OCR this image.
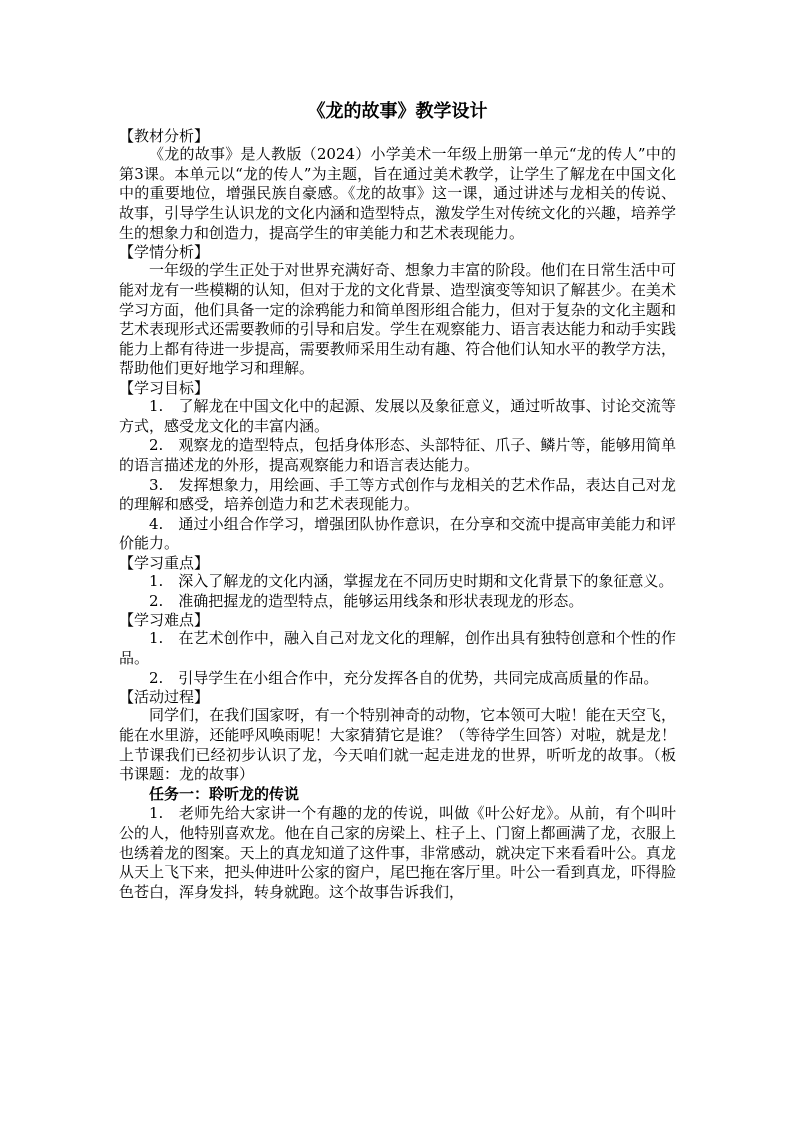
《龙的故事》教学设计
【教材分析】

《龙的故事》是人教版（2024）小学美术一年级上册第一单元“龙的传人”中的第3课。本单元以“龙的传人”为主题，旨在通过美术教学，让学生了解龙在中国文化中的重要地位，增强民族自豪感。《龙的故事》这一课，通过讲述与龙相关的传说、故事，引导学生认识龙的文化内涵和造型特点，激发学生对传统文化的兴趣，培养学生的想象力和创造力，提高学生的审美能力和艺术表现能力。

【学情分析】

一年级的学生正处于对世界充满好奇、想象力丰富的阶段。他们在日常生活中可能对龙有一些模糊的认知，但对于龙的文化背景、造型演变等知识了解甚少。在美术学习方面，他们具备一定的涂鸦能力和简单图形组合能力，但对于复杂的文化主题和艺术表现形式还需要教师的引导和启发。学生在观察能力、语言表达能力和动手实践能力上都有待进一步提高，需要教师采用生动有趣、符合他们认知水平的教学方法，帮助他们更好地学习和理解。

【学习目标】

1.　了解龙在中国文化中的起源、发展以及象征意义，通过听故事、讨论交流等方式，感受龙文化的丰富内涵。

2.　观察龙的造型特点，包括身体形态、头部特征、爪子、鳞片等，能够用简单的语言描述龙的外形，提高观察能力和语言表达能力。

3.　发挥想象力，用绘画、手工等方式创作与龙相关的艺术作品，表达自己对龙的理解和感受，培养创造力和艺术表现能力。

4.　通过小组合作学习，增强团队协作意识，在分享和交流中提高审美能力和评价能力。

【学习重点】

1.　深入了解龙的文化内涵，掌握龙在不同历史时期和文化背景下的象征意义。

2.　准确把握龙的造型特点，能够运用线条和形状表现龙的形态。

【学习难点】

1.　在艺术创作中，融入自己对龙文化的理解，创作出具有独特创意和个性的作品。

2.　引导学生在小组合作中，充分发挥各自的优势，共同完成高质量的作品。

【活动过程】

同学们，在我们国家呀，有一个特别神奇的动物，它本领可大啦！能在天空飞，能在水里游，还能呼风唤雨呢！大家猜猜它是谁？（等待学生回答）对啦，就是龙！上节课我们已经初步认识了龙，今天咱们就一起走进龙的世界，听听龙的故事。（板书课题：龙的故事）

任务一：聆听龙的传说

1.　老师先给大家讲一个有趣的龙的传说，叫做《叶公好龙》。从前，有个叫叶公的人，他特别喜欢龙。他在自己家的房梁上、柱子上、门窗上都画满了龙，衣服上也绣着龙的图案。天上的真龙知道了这件事，非常感动，就决定下来看看叶公。真龙从天上飞下来，把头伸进叶公家的窗户，尾巴拖在客厅里。叶公一看到真龙，吓得脸色苍白，浑身发抖，转身就跑。这个故事告诉我们，
